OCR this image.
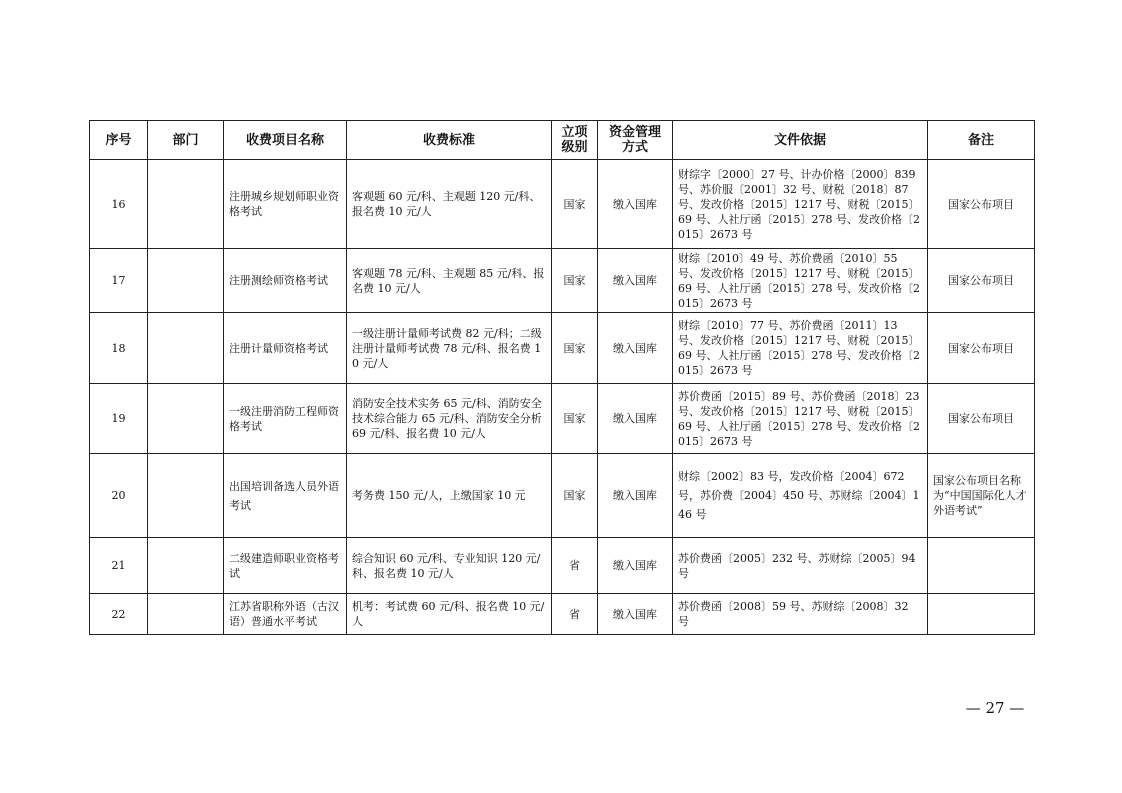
序号	部门	收费项目名称	收费标准	立项级别	资金管理方式	文件依据	备注
16		注册城乡规划师职业资格考试	客观题 60 元/科、主观题 120 元/科、报名费 10 元/人	国家	缴入国库	财综字〔2000〕27 号、计办价格〔2000〕839 号、苏价服〔2001〕32 号、财税〔2018〕87 号、发改价格〔2015〕1217 号、财税〔2015〕69 号、人社厅函〔2015〕278 号、发改价格〔2015〕2673 号	国家公布项目
17		注册测绘师资格考试	客观题 78 元/科、主观题 85 元/科、报名费 10 元/人	国家	缴入国库	财综〔2010〕49 号、苏价费函〔2010〕55 号、发改价格〔2015〕1217 号、财税〔2015〕69 号、人社厅函〔2015〕278 号、发改价格〔2015〕2673 号	国家公布项目
18		注册计量师资格考试	一级注册计量师考试费 82 元/科；二级注册计量师考试费 78 元/科、报名费 10 元/人	国家	缴入国库	财综〔2010〕77 号、苏价费函〔2011〕13 号、发改价格〔2015〕1217 号、财税〔2015〕69 号、人社厅函〔2015〕278 号、发改价格〔2015〕2673 号	国家公布项目
19		一级注册消防工程师资格考试	消防安全技术实务 65 元/科、消防安全技术综合能力 65 元/科、消防安全分析 69 元/科、报名费 10 元/人	国家	缴入国库	苏价费函〔2015〕89 号、苏价费函〔2018〕23 号、发改价格〔2015〕1217 号、财税〔2015〕69 号、人社厅函〔2015〕278 号、发改价格〔2015〕2673 号	国家公布项目
20		出国培训备选人员外语考试	考务费 150 元/人，上缴国家 10 元	国家	缴入国库	财综〔2002〕83 号，发改价格〔2004〕672 号，苏价费〔2004〕450 号、苏财综〔2004〕146 号	国家公布项目名称为“中国国际化人才外语考试”
21		二级建造师职业资格考试	综合知识 60 元/科、专业知识 120 元/科、报名费 10 元/人	省	缴入国库	苏价费函〔2005〕232 号、苏财综〔2005〕94 号	
22		江苏省职称外语（古汉语）普通水平考试	机考：考试费 60 元/科、报名费 10 元/人	省	缴入国库	苏价费函〔2008〕59 号、苏财综〔2008〕32 号	
— 27 —
